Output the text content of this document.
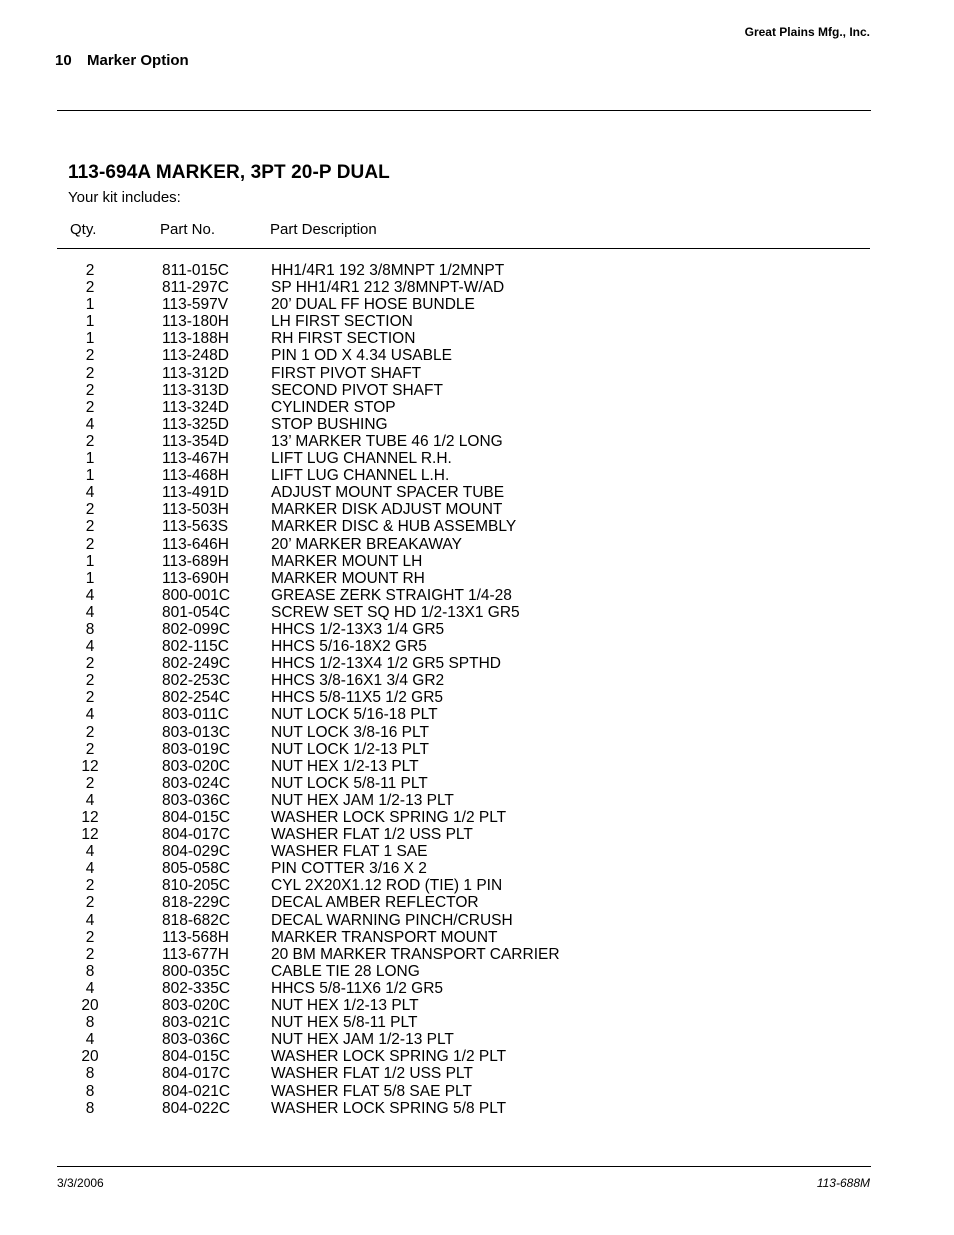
Great Plains Mfg., Inc.
10 Marker Option
113-694A MARKER, 3PT 20-P DUAL
Your kit includes:
Qty.	Part No.	Part Description
2	811-015C	HH1/4R1 192 3/8MNPT 1/2MNPT
2	811-297C	SP HH1/4R1 212 3/8MNPT-W/AD
1	113-597V	20’ DUAL FF HOSE BUNDLE
1	113-180H	LH FIRST SECTION
1	113-188H	RH FIRST SECTION
2	113-248D	PIN 1 OD X 4.34 USABLE
2	113-312D	FIRST PIVOT SHAFT
2	113-313D	SECOND PIVOT SHAFT
2	113-324D	CYLINDER STOP
4	113-325D	STOP BUSHING
2	113-354D	13’ MARKER TUBE 46 1/2 LONG
1	113-467H	LIFT LUG CHANNEL R.H.
1	113-468H	LIFT LUG CHANNEL L.H.
4	113-491D	ADJUST MOUNT SPACER TUBE
2	113-503H	MARKER DISK ADJUST MOUNT
2	113-563S	MARKER DISC & HUB ASSEMBLY
2	113-646H	20’ MARKER BREAKAWAY
1	113-689H	MARKER MOUNT LH
1	113-690H	MARKER MOUNT RH
4	800-001C	GREASE ZERK STRAIGHT 1/4-28
4	801-054C	SCREW SET SQ HD 1/2-13X1 GR5
8	802-099C	HHCS 1/2-13X3 1/4 GR5
4	802-115C	HHCS 5/16-18X2 GR5
2	802-249C	HHCS 1/2-13X4 1/2 GR5 SPTHD
2	802-253C	HHCS 3/8-16X1 3/4 GR2
2	802-254C	HHCS 5/8-11X5 1/2 GR5
4	803-011C	NUT LOCK 5/16-18 PLT
2	803-013C	NUT LOCK 3/8-16 PLT
2	803-019C	NUT LOCK 1/2-13 PLT
12	803-020C	NUT HEX 1/2-13 PLT
2	803-024C	NUT LOCK 5/8-11 PLT
4	803-036C	NUT HEX JAM 1/2-13 PLT
12	804-015C	WASHER LOCK SPRING 1/2 PLT
12	804-017C	WASHER FLAT 1/2 USS PLT
4	804-029C	WASHER FLAT 1 SAE
4	805-058C	PIN COTTER 3/16 X 2
2	810-205C	CYL 2X20X1.12 ROD (TIE) 1 PIN
2	818-229C	DECAL AMBER REFLECTOR
4	818-682C	DECAL WARNING PINCH/CRUSH
2	113-568H	MARKER TRANSPORT MOUNT
2	113-677H	20 BM MARKER TRANSPORT CARRIER
8	800-035C	CABLE TIE 28 LONG
4	802-335C	HHCS 5/8-11X6 1/2 GR5
20	803-020C	NUT HEX 1/2-13 PLT
8	803-021C	NUT HEX 5/8-11 PLT
4	803-036C	NUT HEX JAM 1/2-13 PLT
20	804-015C	WASHER LOCK SPRING 1/2 PLT
8	804-017C	WASHER FLAT 1/2 USS PLT
8	804-021C	WASHER FLAT 5/8 SAE PLT
8	804-022C	WASHER LOCK SPRING 5/8 PLT
3/3/2006	113-688M
